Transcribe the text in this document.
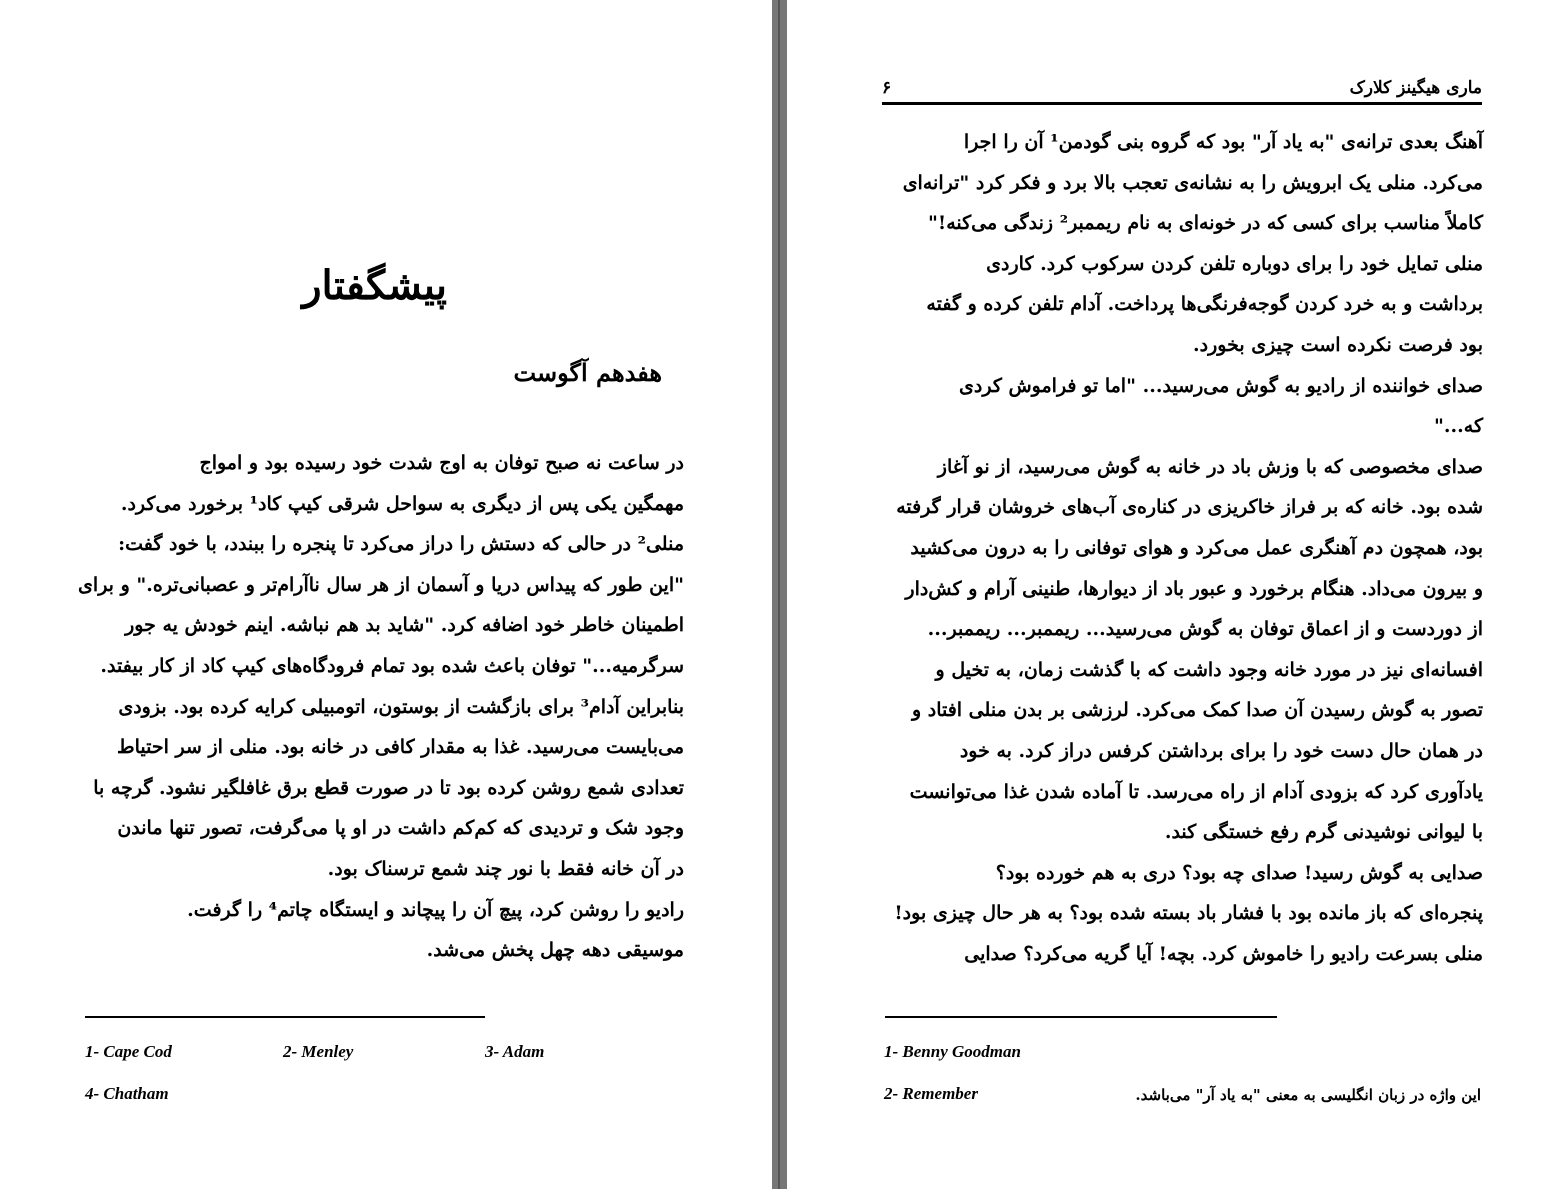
پیشگفتار
هفدهم آگوست
در ساعت نه صبح توفان به اوج شدت خود رسیده بود و امواج
مهمگین یکی پس از دیگری به سواحل شرقی کیپ کاد¹ برخورد می‌کرد.
منلی² در حالی که دستش را دراز می‌کرد تا پنجره را ببندد، با خود گفت:
"این طور که پیداس دریا و آسمان از هر سال ناآرام‌تر و عصبانی‌تره." و برای
اطمینان خاطر خود اضافه کرد. "شاید بد هم نباشه. اینم خودش یه جور
سرگرمیه..." توفان باعث شده بود تمام فرودگاه‌های کیپ کاد از کار بیفتد.
بنابراین آدام³ برای بازگشت از بوستون، اتومبیلی کرایه کرده بود. بزودی
می‌بایست می‌رسید. غذا به مقدار کافی در خانه بود. منلی از سر احتیاط
تعدادی شمع روشن کرده بود تا در صورت قطع برق غافلگیر نشود. گرچه با
وجود شک و تردیدی که کم‌کم داشت در او پا می‌گرفت، تصور تنها ماندن
در آن خانه فقط با نور چند شمع ترسناک بود.
رادیو را روشن کرد، پیچ آن را پیچاند و ایستگاه چاتم⁴ را گرفت.
موسیقی دهه چهل پخش می‌شد.
1- Cape Cod	2- Menley	3- Adam
4- Chatham
۶	ماری هیگینز کلارک
آهنگ بعدی ترانه‌ی "به یاد آر" بود که گروه بنی گودمن¹ آن را اجرا
می‌کرد. منلی یک ابرویش را به نشانه‌ی تعجب بالا برد و فکر کرد "ترانه‌ای
کاملاً مناسب برای کسی که در خونه‌ای به نام ریممبر² زندگی می‌کنه!"
منلی تمایل خود را برای دوباره تلفن کردن سرکوب کرد. کاردی
برداشت و به خرد کردن گوجه‌فرنگی‌ها پرداخت. آدام تلفن کرده و گفته
بود فرصت نکرده است چیزی بخورد.
صدای خواننده از رادیو به گوش می‌رسید... "اما تو فراموش کردی
که..."
صدای مخصوصی که با وزش باد در خانه به گوش می‌رسید، از نو آغاز
شده بود. خانه که بر فراز خاکریزی در کناره‌ی آب‌های خروشان قرار گرفته
بود، همچون دم آهنگری عمل می‌کرد و هوای توفانی را به درون می‌کشید
و بیرون می‌داد. هنگام برخورد و عبور باد از دیوارها، طنینی آرام و کش‌دار
از دوردست و از اعماق توفان به گوش می‌رسید... ریممبر... ریممبر...
افسانه‌ای نیز در مورد خانه وجود داشت که با گذشت زمان، به تخیل و
تصور به گوش رسیدن آن صدا کمک می‌کرد. لرزشی بر بدن منلی افتاد و
در همان حال دست خود را برای برداشتن کرفس دراز کرد. به خود
یادآوری کرد که بزودی آدام از راه می‌رسد. تا آماده شدن غذا می‌توانست
با لیوانی نوشیدنی گرم رفع خستگی کند.
صدایی به گوش رسید! صدای چه بود؟ دری به هم خورده بود؟
پنجره‌ای که باز مانده بود با فشار باد بسته شده بود؟ به هر حال چیزی بود!
منلی بسرعت رادیو را خاموش کرد. بچه! آیا گریه می‌کرد؟ صدایی
1- Benny Goodman
2- Remember	این واژه در زبان انگلیسی به معنی "به یاد آر" می‌باشد.
